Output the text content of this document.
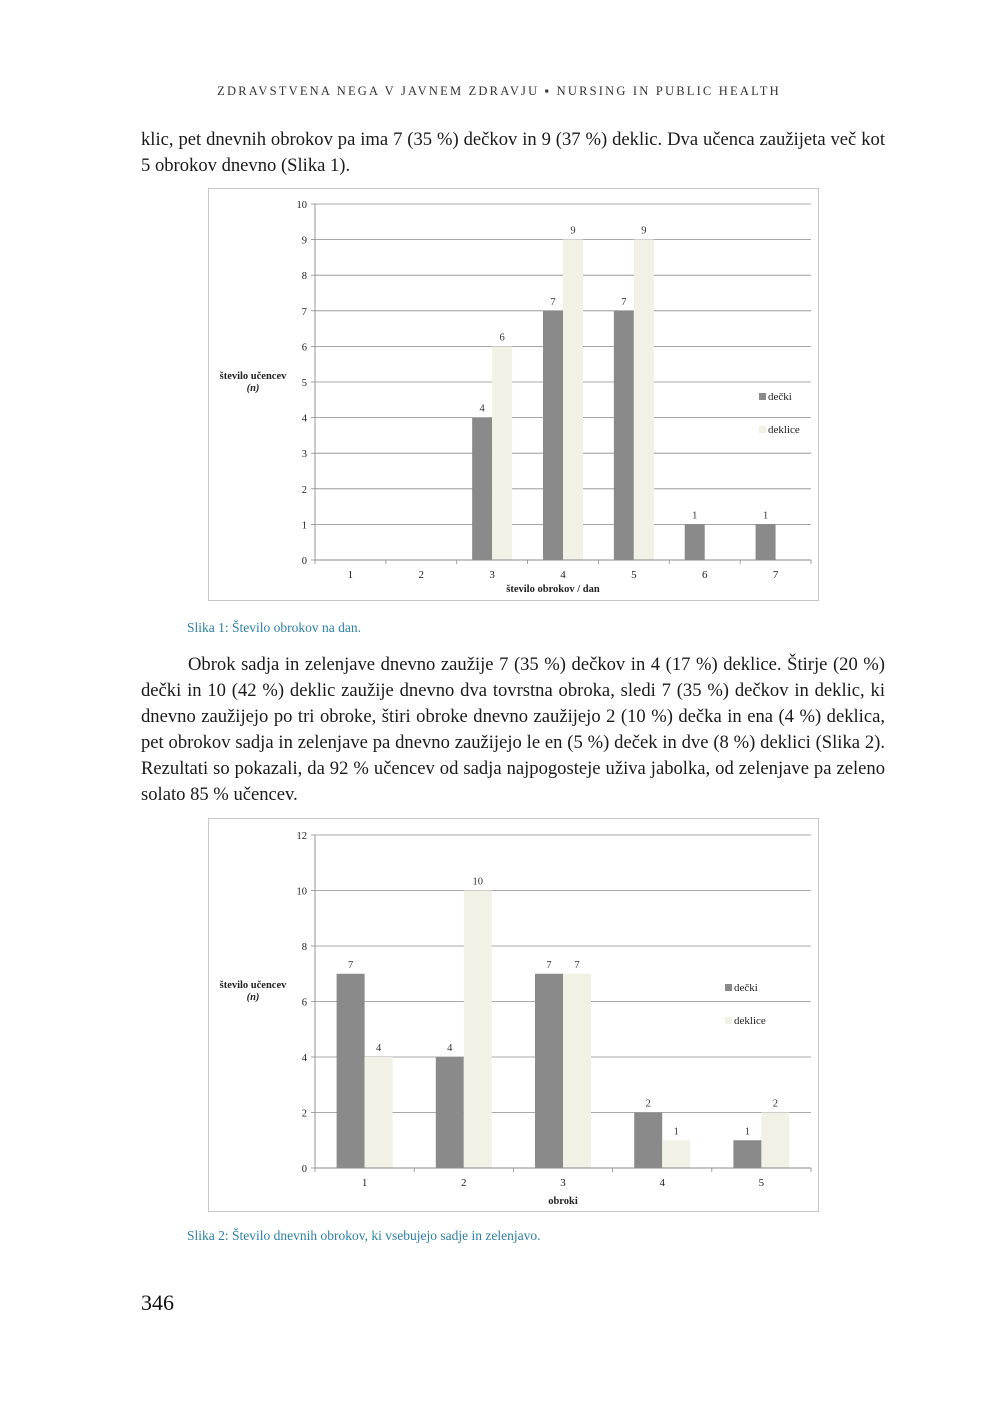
ZDRAVSTVENA NEGA V JAVNEM ZDRAVJU ▪ NURSING IN PUBLIC HEALTH

klic, pet dnevnih obrokov pa ima 7 (35 %) dečkov in 9 (37 %) deklic. Dva učenca zaužijeta več kot 5 obrokov dnevno (Slika 1).

0
1
2
3
4
5
6
7
8
9
10
1	2	3
4
6
4
7
9
5
7
9
6
1
7
1
število učencev
(n)
število obrokov / dan
dečki
deklice
Slika 1: Število obrokov na dan.

Obrok sadja in zelenjave dnevno zaužije 7 (35 %) dečkov in 4 (17 %) deklice. Štirje (20 %) dečki in 10 (42 %) deklic zaužije dnevno dva tovrstna obroka, sledi 7 (35 %) dečkov in deklic, ki dnevno zaužijejo po tri obroke, štiri obroke dnevno zaužijejo 2 (10 %) dečka in ena (4 %) deklica, pet obrokov sadja in zelenjave pa dnevno zaužijejo le en (5 %) deček in dve (8 %) deklici (Slika 2). Rezultati so pokazali, da 92 % učencev od sadja najpogosteje uživa jabolka, od zelenjave pa zeleno solato 85 % učencev.

0
2
4
6
8
10
12
1
7
4
2
4
10
3
7 7
4
2
1
5
1
2
število učencev
(n)
obroki
dečki
deklice
Slika 2: Število dnevnih obrokov, ki vsebujejo sadje in zelenjavo.
346
